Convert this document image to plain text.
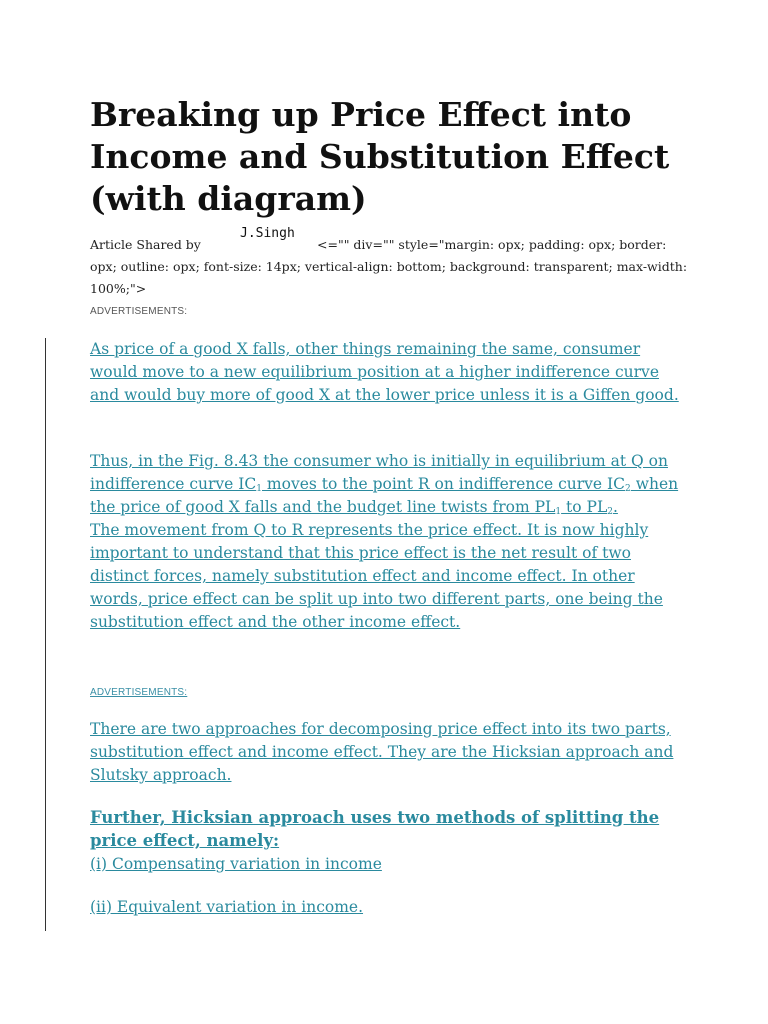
Breaking up Price Effect into Income and Substitution Effect (with diagram)
Article Shared by	<="" div="" style="margin: opx; padding: opx; border:
opx; outline: opx; font-size: 14px; vertical-align: bottom; background: transparent; max-width:
100%;">
J.Singh
ADVERTISEMENTS:

As price of a good X falls, other things remaining the same, consumer would move to a new equilibrium position at a higher indifference curve and would buy more of good X at the lower price unless it is a Giffen good.

Thus, in the Fig. 8.43 the consumer who is initially in equilibrium at Q on indifference curve $IC_1$ moves to the point R on indifference curve $IC_2$ when the price of good X falls and the budget line twists from $PL_1$ to $PL_2$.
The movement from Q to R represents the price effect. It is now highly important to understand that this price effect is the net result of two distinct forces, namely substitution effect and income effect. In other words, price effect can be split up into two different parts, one being the substitution effect and the other income effect.

ADVERTISEMENTS:

There are two approaches for decomposing price effect into its two parts, substitution effect and income effect. They are the Hicksian approach and Slutsky approach.

Further, Hicksian approach uses two methods of splitting the price effect, namely:
(i) Compensating variation in income
(ii) Equivalent variation in income.
